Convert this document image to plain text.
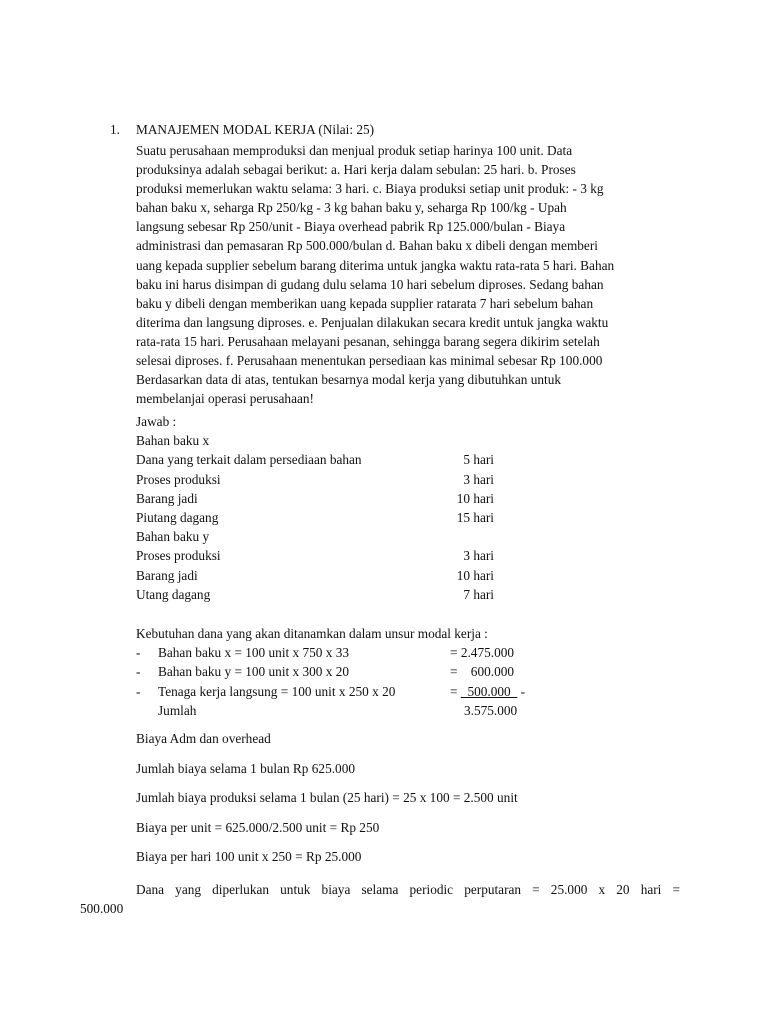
1. MANAJEMEN MODAL KERJA (Nilai: 25)
Suatu perusahaan memproduksi dan menjual produk setiap harinya 100 unit. Data
produksinya adalah sebagai berikut: a. Hari kerja dalam sebulan: 25 hari. b. Proses
produksi memerlukan waktu selama: 3 hari. c. Biaya produksi setiap unit produk: - 3 kg
bahan baku x, seharga Rp 250/kg - 3 kg bahan baku y, seharga Rp 100/kg - Upah
langsung sebesar Rp 250/unit - Biaya overhead pabrik Rp 125.000/bulan - Biaya
administrasi dan pemasaran Rp 500.000/bulan d. Bahan baku x dibeli dengan memberi
uang kepada supplier sebelum barang diterima untuk jangka waktu rata-rata 5 hari. Bahan
baku ini harus disimpan di gudang dulu selama 10 hari sebelum diproses. Sedang bahan
baku y dibeli dengan memberikan uang kepada supplier ratarata 7 hari sebelum bahan
diterima dan langsung diproses. e. Penjualan dilakukan secara kredit untuk jangka waktu
rata-rata 15 hari. Perusahaan melayani pesanan, sehingga barang segera dikirim setelah
selesai diproses. f. Perusahaan menentukan persediaan kas minimal sebesar Rp 100.000
Berdasarkan data di atas, tentukan besarnya modal kerja yang dibutuhkan untuk
membelanjai operasi perusahaan!
Jawab :
Bahan baku x
Dana yang terkait dalam persediaan bahan	5 hari
Proses produksi	3 hari
Barang jadi	10 hari
Piutang dagang	15 hari
Bahan baku y
Proses produksi	3 hari
Barang jadi	10 hari
Utang dagang	7 hari
Kebutuhan dana yang akan ditanamkan dalam unsur modal kerja :
- Bahan baku x = 100 unit x 750 x 33	= 2.475.000
- Bahan baku y = 100 unit x 300 x 20	=    600.000
- Tenaga kerja langsung = 100 unit x 250 x 20	=   500.000   -
Jumlah	3.575.000
Biaya Adm dan overhead
Jumlah biaya selama 1 bulan Rp 625.000
Jumlah biaya produksi selama 1 bulan (25 hari) = 25 x 100 = 2.500 unit
Biaya per unit = 625.000/2.500 unit = Rp 250
Biaya per hari 100 unit x 250 = Rp 25.000
Dana yang diperlukan untuk biaya selama periodic perputaran = 25.000 x 20 hari =
500.000
